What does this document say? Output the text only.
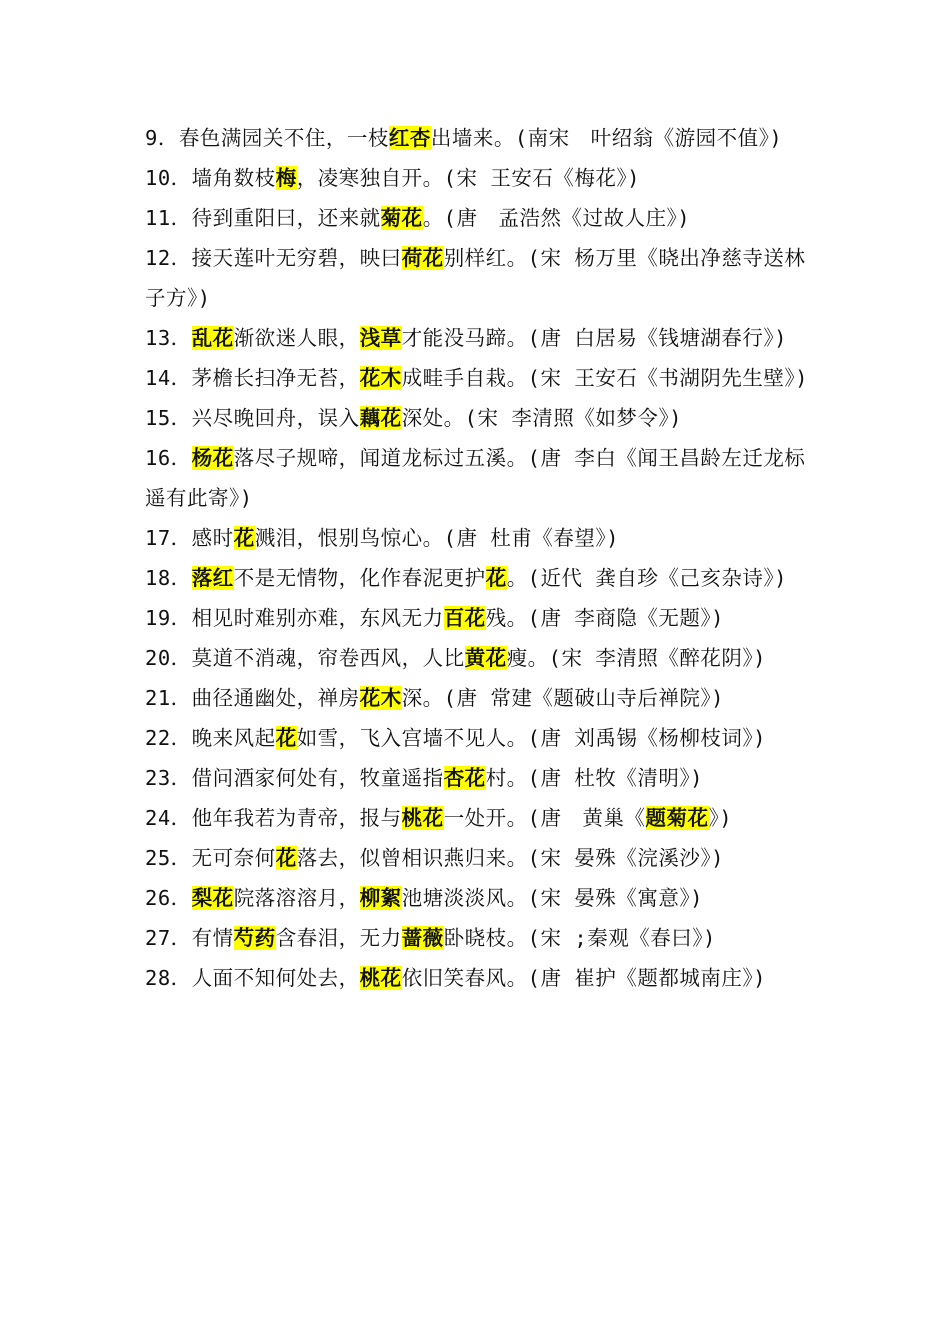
9．春色满园关不住，一枝红杏出墙来。(南宋　叶绍翁《游园不值》)
10．墙角数枝梅，凌寒独自开。(宋 王安石《梅花》)
11．待到重阳曰，还来就菊花。(唐　孟浩然《过故人庄》)
12．接天莲叶无穷碧，映曰荷花别样红。(宋 杨万里《晓出净慈寺送林子方》)
13．乱花渐欲迷人眼，浅草才能没马蹄。(唐 白居易《钱塘湖春行》)
14．茅檐长扫净无苔，花木成畦手自栽。(宋 王安石《书湖阴先生壁》)
15．兴尽晚回舟，误入藕花深处。(宋 李清照《如梦令》)
16．杨花落尽子规啼，闻道龙标过五溪。(唐 李白《闻王昌龄左迁龙标遥有此寄》)
17．感时花溅泪，恨别鸟惊心。(唐 杜甫《春望》)
18．落红不是无情物，化作春泥更护花。(近代 龚自珍《己亥杂诗》)
19．相见时难别亦难，东风无力百花残。(唐 李商隐《无题》)
20．莫道不消魂，帘卷西风，人比黄花瘦。(宋 李清照《醉花阴》)
21．曲径通幽处，禅房花木深。(唐 常建《题破山寺后禅院》)
22．晚来风起花如雪，飞入宫墙不见人。(唐 刘禹锡《杨柳枝词》)
23．借问酒家何处有，牧童遥指杏花村。(唐 杜牧《清明》)
24．他年我若为青帝，报与桃花一处开。(唐　黄巢《题菊花》)
25．无可奈何花落去，似曾相识燕归来。(宋 晏殊《浣溪沙》)
26．梨花院落溶溶月，柳絮池塘淡淡风。(宋 晏殊《寓意》)
27．有情芍药含春泪，无力蔷薇卧晓枝。(宋 ;秦观《春曰》)
28．人面不知何处去，桃花依旧笑春风。(唐 崔护《题都城南庄》)
